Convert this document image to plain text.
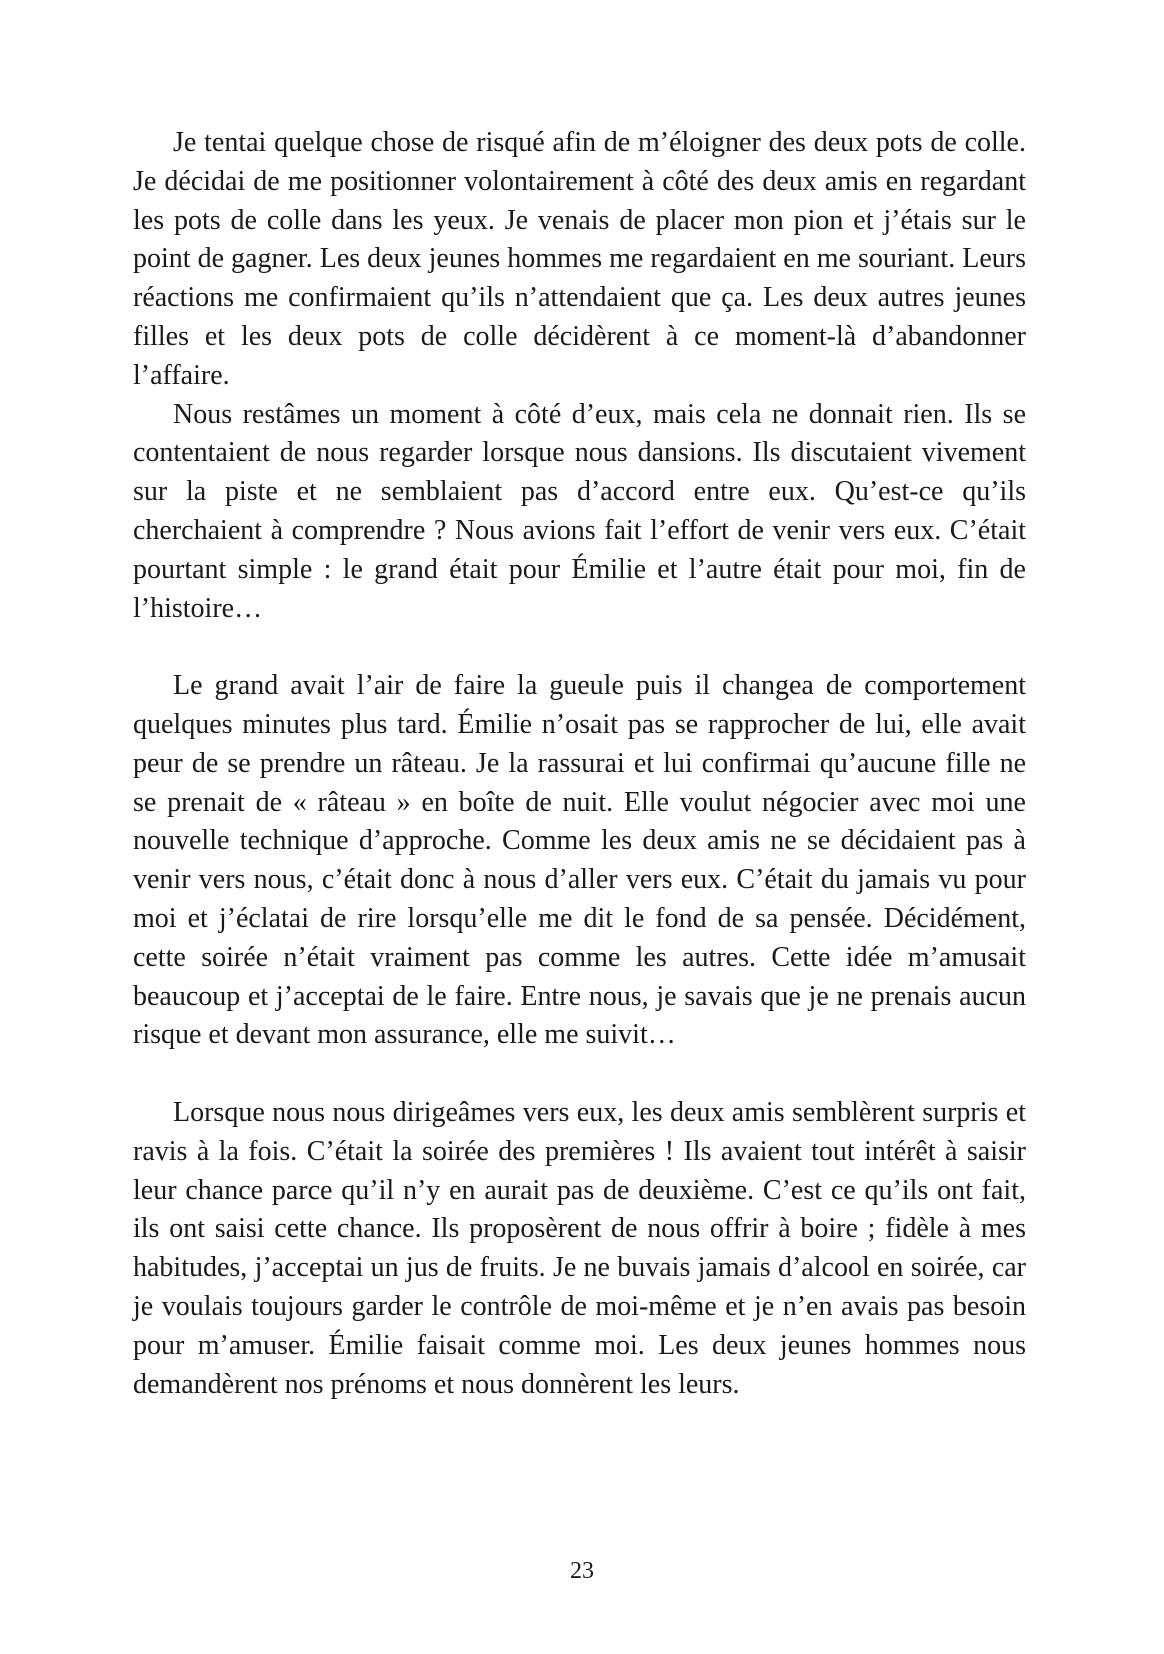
Je tentai quelque chose de risqué afin de m’éloigner des deux pots de colle. Je décidai de me positionner volontairement à côté des deux amis en regardant les pots de colle dans les yeux. Je venais de placer mon pion et j’étais sur le point de gagner. Les deux jeunes hommes me regardaient en me souriant. Leurs réactions me confirmaient qu’ils n’attendaient que ça. Les deux autres jeunes filles et les deux pots de colle décidèrent à ce moment-là d’abandonner l’affaire.

Nous restâmes un moment à côté d’eux, mais cela ne donnait rien. Ils se contentaient de nous regarder lorsque nous dansions. Ils discutaient vivement sur la piste et ne semblaient pas d’accord entre eux. Qu’est-ce qu’ils cherchaient à comprendre ? Nous avions fait l’effort de venir vers eux. C’était pourtant simple : le grand était pour Émilie et l’autre était pour moi, fin de l’histoire…

Le grand avait l’air de faire la gueule puis il changea de comportement quelques minutes plus tard. Émilie n’osait pas se rapprocher de lui, elle avait peur de se prendre un râteau. Je la rassurai et lui confirmai qu’aucune fille ne se prenait de « râteau » en boîte de nuit. Elle voulut négocier avec moi une nouvelle technique d’approche. Comme les deux amis ne se décidaient pas à venir vers nous, c’était donc à nous d’aller vers eux. C’était du jamais vu pour moi et j’éclatai de rire lorsqu’elle me dit le fond de sa pensée. Décidément, cette soirée n’était vraiment pas comme les autres. Cette idée m’amusait beaucoup et j’acceptai de le faire. Entre nous, je savais que je ne prenais aucun risque et devant mon assurance, elle me suivit…

Lorsque nous nous dirigeâmes vers eux, les deux amis semblèrent surpris et ravis à la fois. C’était la soirée des premières ! Ils avaient tout intérêt à saisir leur chance parce qu’il n’y en aurait pas de deuxième. C’est ce qu’ils ont fait, ils ont saisi cette chance. Ils proposèrent de nous offrir à boire ; fidèle à mes habitudes, j’acceptai un jus de fruits. Je ne buvais jamais d’alcool en soirée, car je voulais toujours garder le contrôle de moi-même et je n’en avais pas besoin pour m’amuser. Émilie faisait comme moi. Les deux jeunes hommes nous demandèrent nos prénoms et nous donnèrent les leurs.

23
